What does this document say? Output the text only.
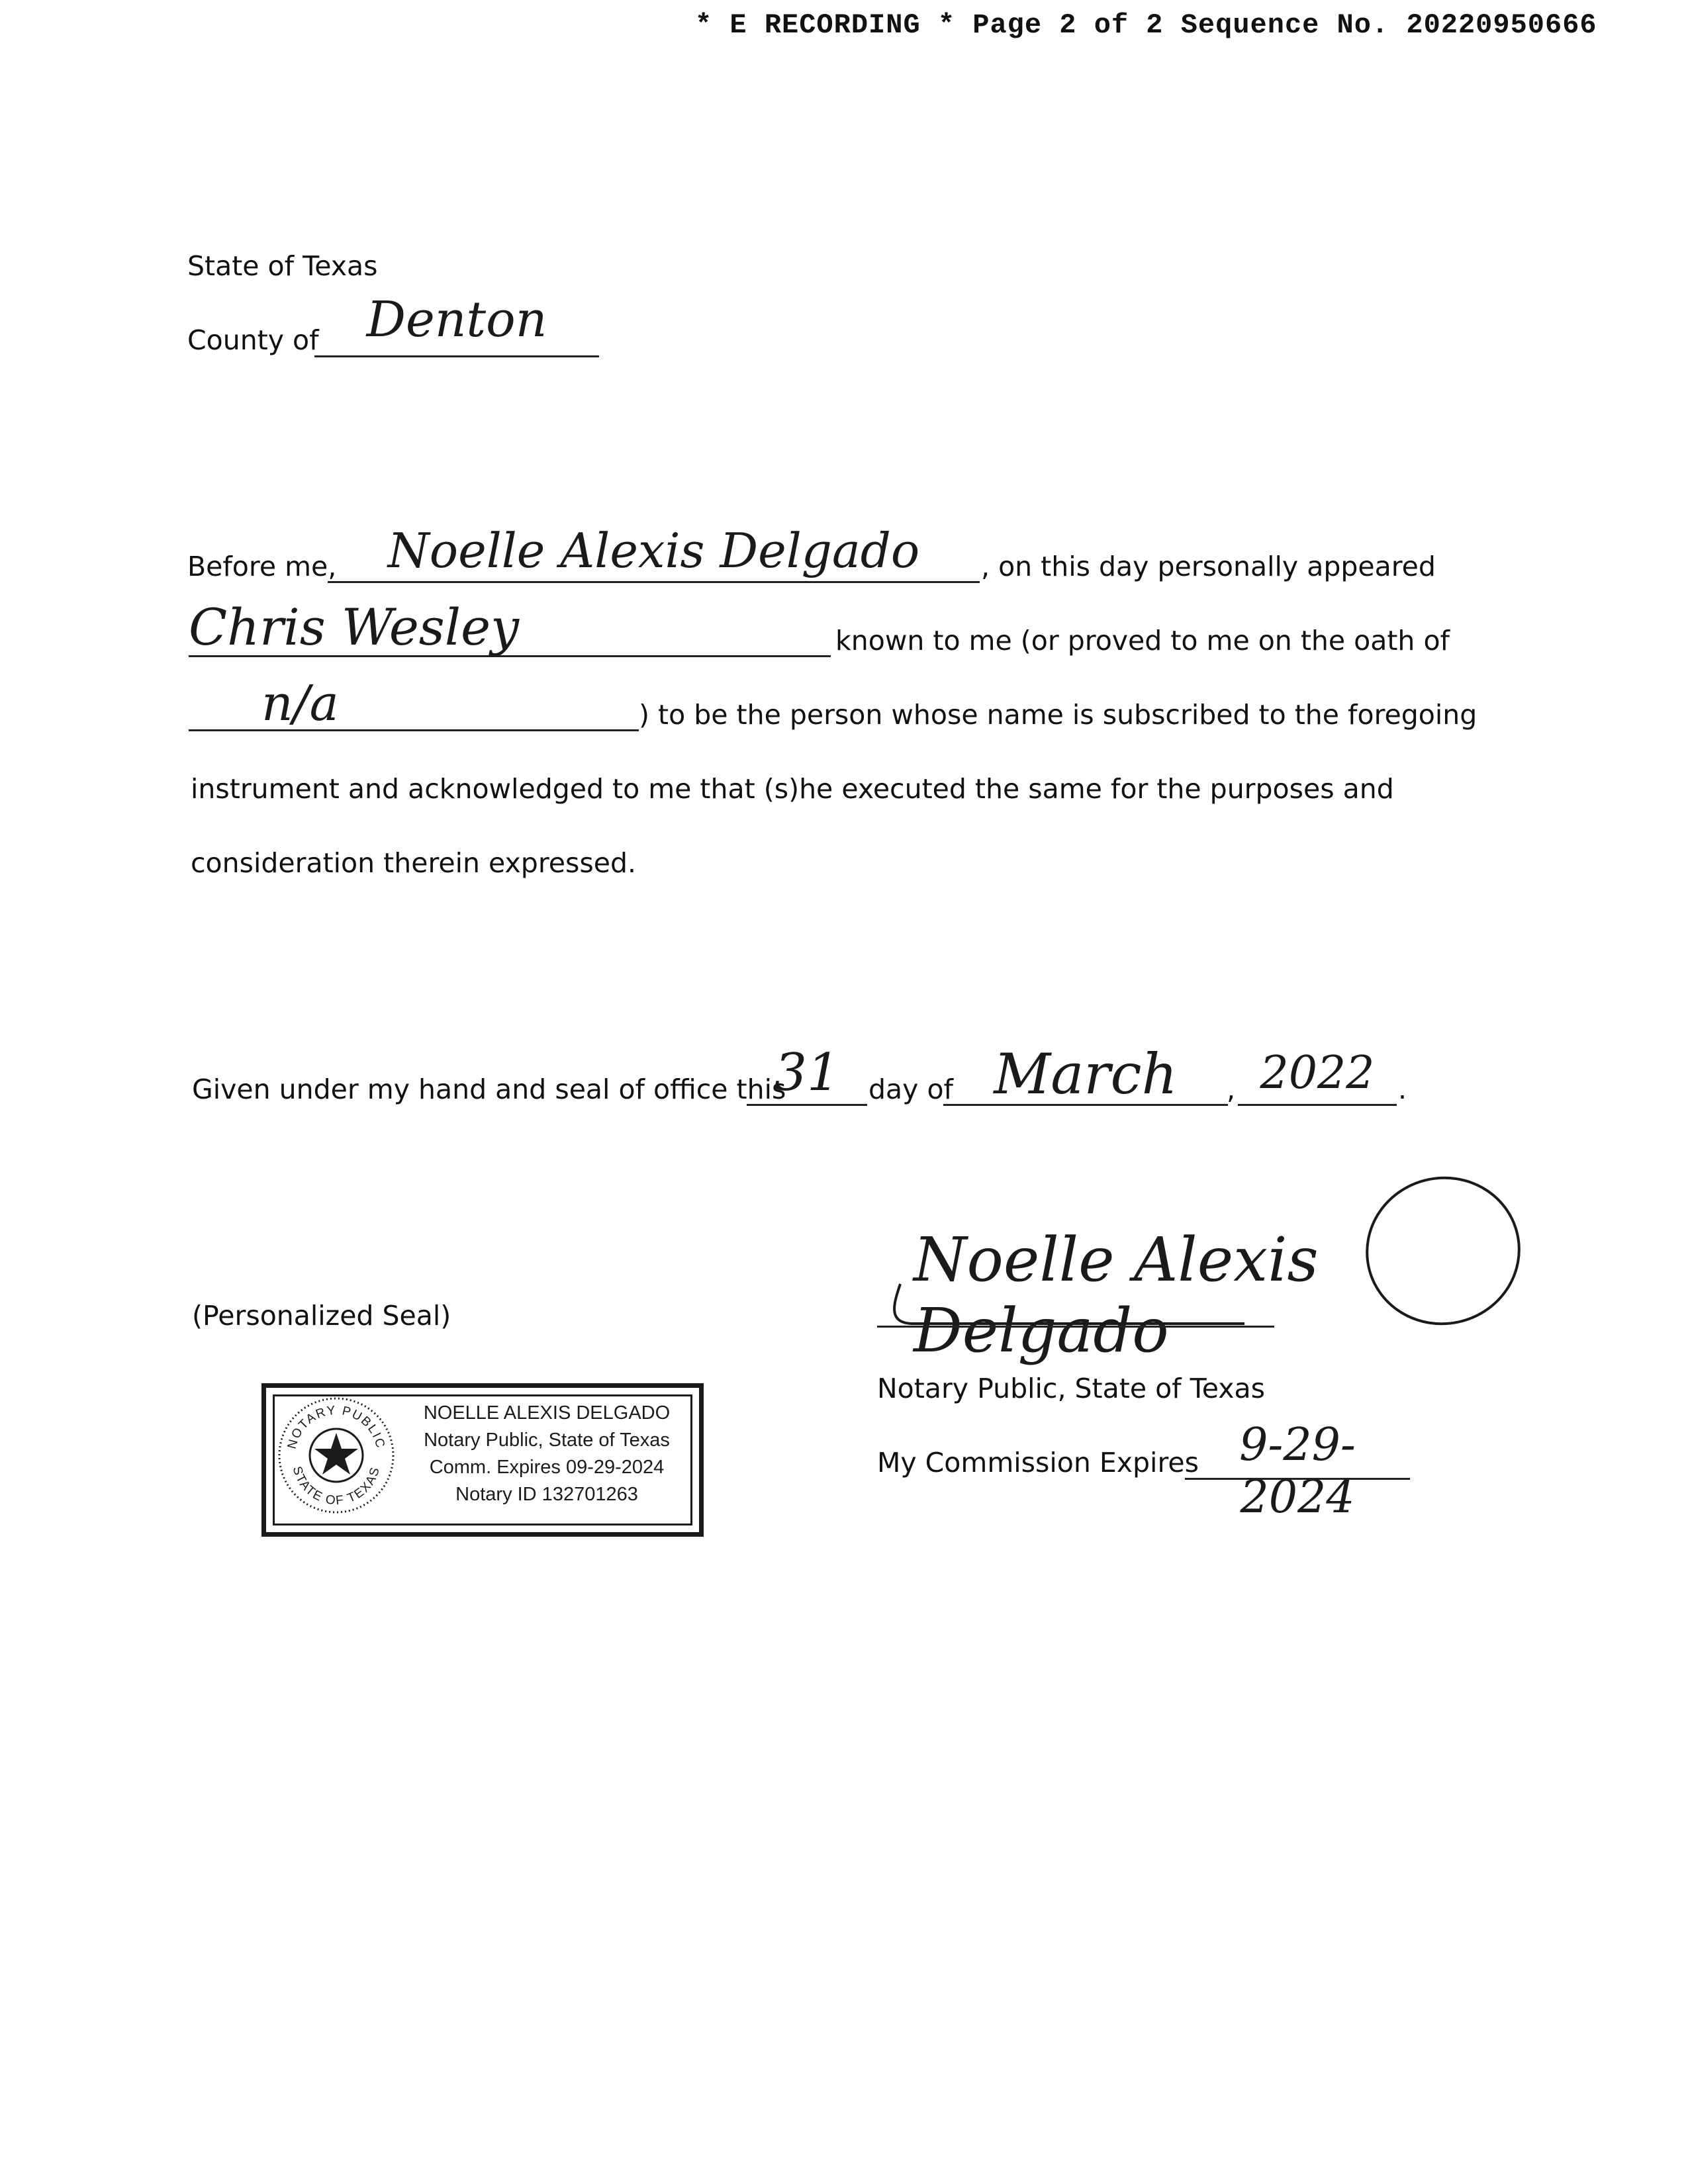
* E RECORDING * Page 2 of 2 Sequence No. 20220950666
State of Texas
County of Denton
Before me,	Noelle Alexis Delgado	, on this day personally appeared
Chris Wesley	known to me (or proved to me on the oath of
n/a	) to be the person whose name is subscribed to the foregoing
instrument and acknowledged to me that (s)he executed the same for the purposes and
consideration therein expressed.
Given under my hand and seal of office this
31	day of March	, 2022 .
(Personalized Seal)
NOTARY PUBLIC
STATE OF TEXAS
NOELLE ALEXIS DELGADO
Notary Public, State of Texas
Comm. Expires 09-29-2024
Notary ID 132701263
Noelle Alexis Delgado
Notary Public, State of Texas
My Commission Expires 9-29-2024
